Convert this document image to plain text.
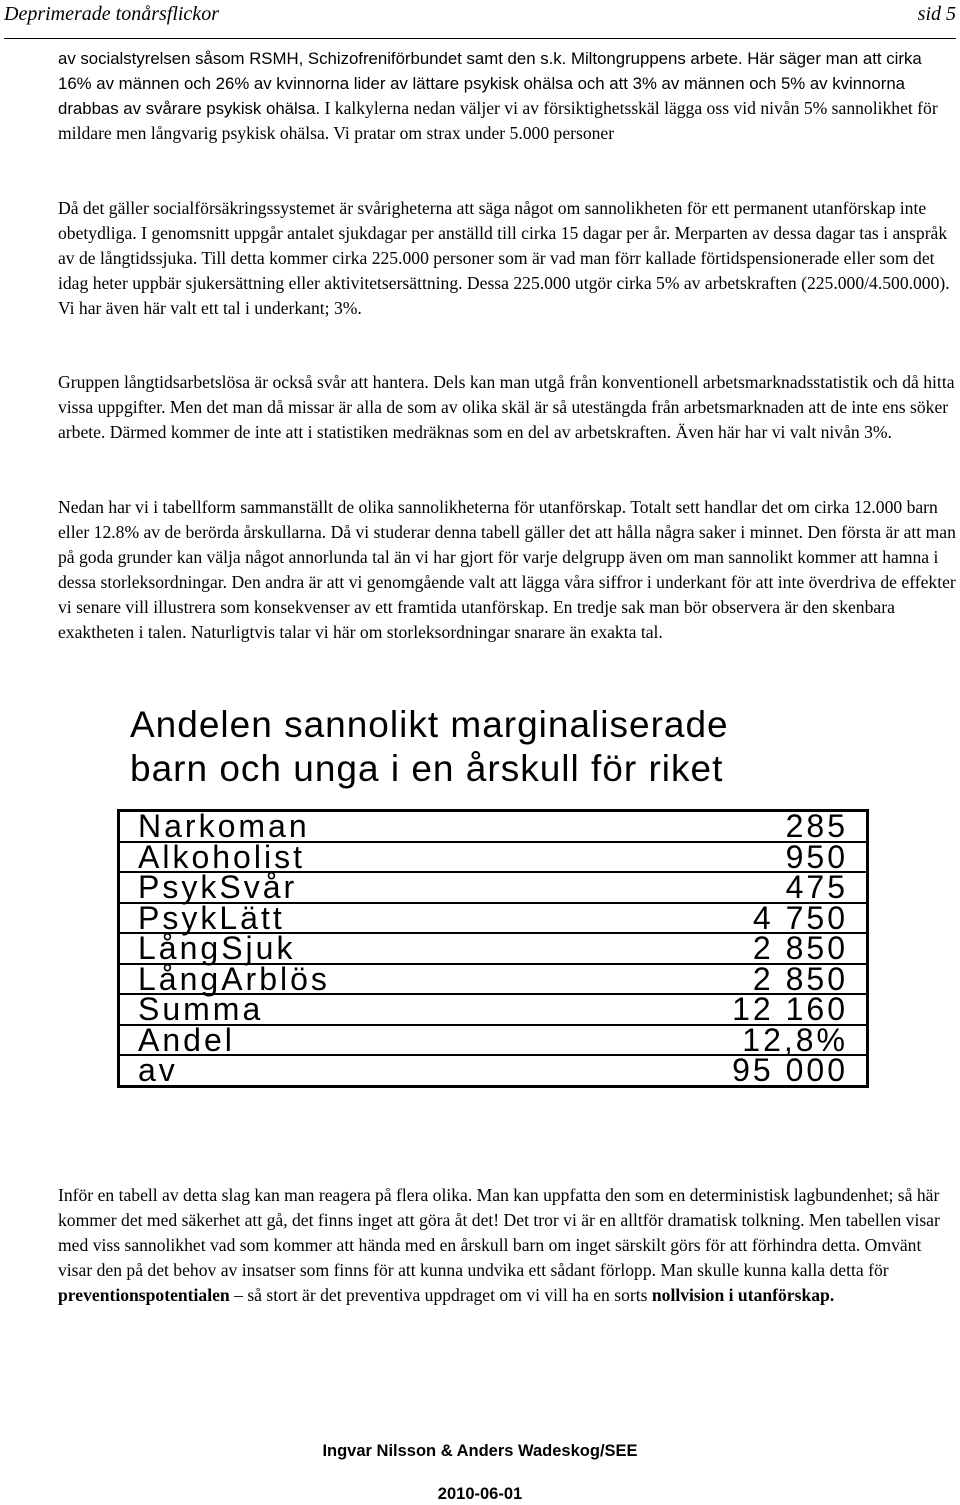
Deprimerade tonårsflickor	sid 5

av socialstyrelsen såsom RSMH, Schizofreniförbundet samt den s.k. Miltongruppens arbete. Här säger man att cirka 16% av männen och 26% av kvinnorna lider av lättare psykisk ohälsa och att 3% av männen och 5% av kvinnorna drabbas av svårare psykisk ohälsa. I kalkylerna nedan väljer vi av försiktighetsskäl lägga oss vid nivån 5% sannolikhet för mildare men långvarig psykisk ohälsa. Vi pratar om strax under 5.000 personer

Då det gäller socialförsäkringssystemet är svårigheterna att säga något om sannolikheten för ett permanent utanförskap inte obetydliga. I genomsnitt uppgår antalet sjukdagar per anställd till cirka 15 dagar per år. Merparten av dessa dagar tas i anspråk av de långtidssjuka. Till detta kommer cirka 225.000 personer som är vad man förr kallade förtidspensionerade eller som det idag heter uppbär sjukersättning eller aktivitetsersättning. Dessa 225.000 utgör cirka 5% av arbetskraften (225.000/4.500.000). Vi har även här valt ett tal i underkant; 3%.

Gruppen långtidsarbetslösa är också svår att hantera. Dels kan man utgå från konventionell arbetsmarknadsstatistik och då hitta vissa uppgifter. Men det man då missar är alla de som av olika skäl är så utestängda från arbetsmarknaden att de inte ens söker arbete. Därmed kommer de inte att i statistiken medräknas som en del av arbetskraften. Även här har vi valt nivån 3%.

Nedan har vi i tabellform sammanställt de olika sannolikheterna för utanförskap. Totalt sett handlar det om cirka 12.000 barn eller 12.8% av de berörda årskullarna. Då vi studerar denna tabell gäller det att hålla några saker i minnet. Den första är att man på goda grunder kan välja något annorlunda tal än vi har gjort för varje delgrupp även om man sannolikt kommer att hamna i dessa storleksordningar. Den andra är att vi genomgående valt att lägga våra siffror i underkant för att inte överdriva de effekter vi senare vill illustrera som konsekvenser av ett framtida utanförskap. En tredje sak man bör observera är den skenbara exaktheten i talen. Naturligtvis talar vi här om storleksordningar snarare än exakta tal.

Andelen sannolikt marginaliserade
barn och unga i en årskull för riket
Narkoman	285
Alkoholist	950
PsykSvår	475
PsykLätt	4 750
LångSjuk	2 850
LångArblös	2 850
Summa	12 160
Andel	12,8%
av	95 000

Inför en tabell av detta slag kan man reagera på flera olika. Man kan uppfatta den som en deterministisk lagbundenhet; så här kommer det med säkerhet att gå, det finns inget att göra åt det! Det tror vi är en alltför dramatisk tolkning. Men tabellen visar med viss sannolikhet vad som kommer att hända med en årskull barn om inget särskilt görs för att förhindra detta. Omvänt visar den på det behov av insatser som finns för att kunna undvika ett sådant förlopp. Man skulle kunna kalla detta för preventionspotentialen – så stort är det preventiva uppdraget om vi vill ha en sorts nollvision i utanförskap.

Ingvar Nilsson & Anders Wadeskog/SEE
2010-06-01
